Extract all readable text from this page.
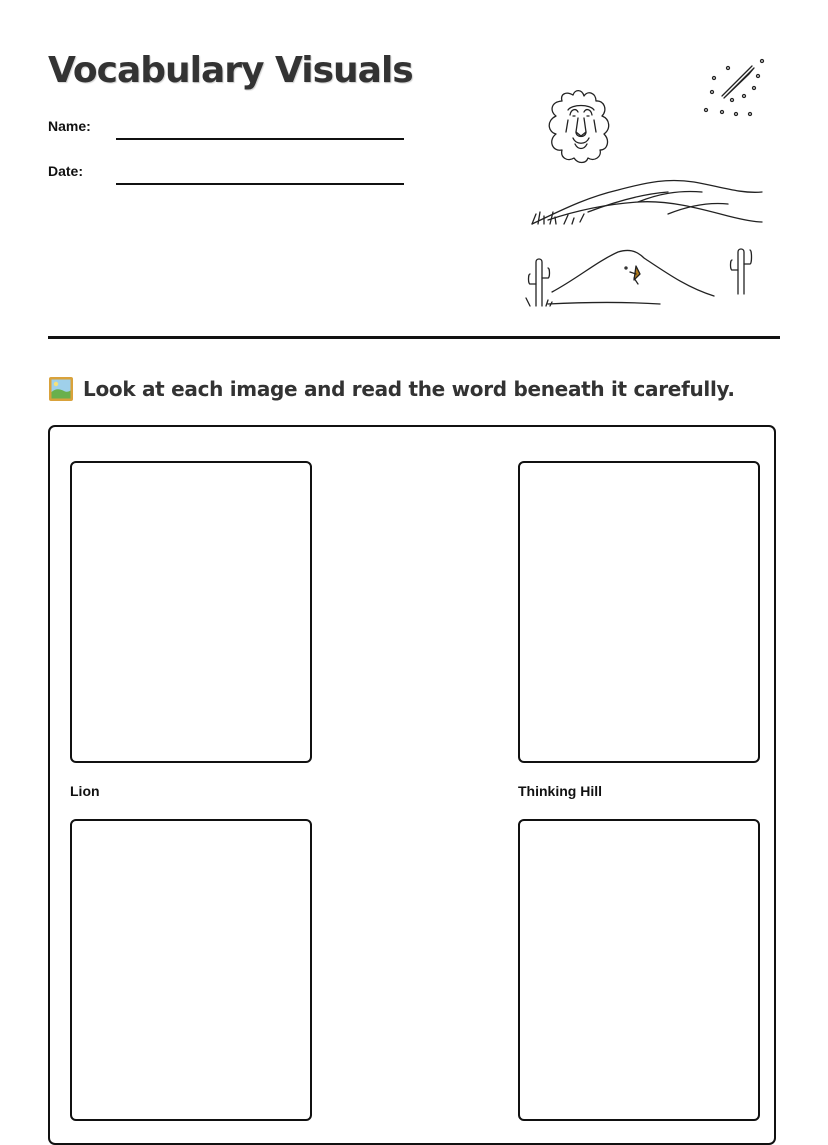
Vocabulary Visuals
Name:
Date:
Look at each image and read the word beneath it carefully.
Lion	Thinking Hill
